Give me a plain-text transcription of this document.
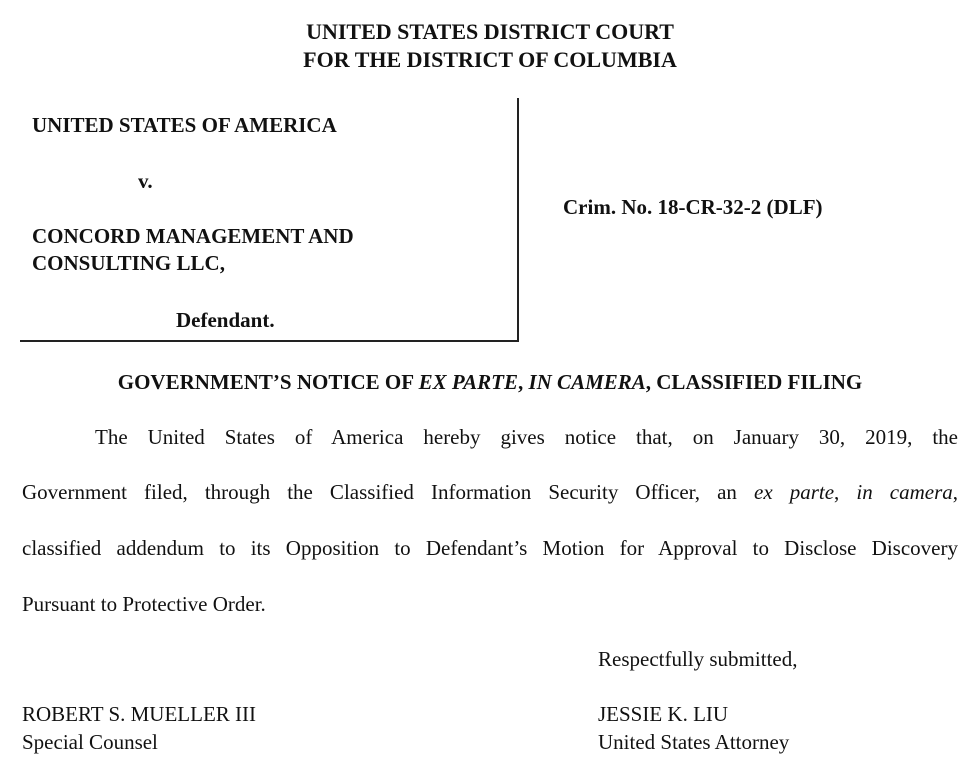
UNITED STATES DISTRICT COURT
FOR THE DISTRICT OF COLUMBIA
UNITED STATES OF AMERICA
v.
CONCORD MANAGEMENT AND
CONSULTING LLC,
Defendant.
Crim. No. 18-CR-32-2 (DLF)
GOVERNMENT’S NOTICE OF EX PARTE, IN CAMERA, CLASSIFIED FILING
The United States of America hereby gives notice that, on January 30, 2019, the
Government filed, through the Classified Information Security Officer, an ex parte, in camera,
classified addendum to its Opposition to Defendant’s Motion for Approval to Disclose Discovery
Pursuant to Protective Order.
Respectfully submitted,
ROBERT S. MUELLER III
Special Counsel
JESSIE K. LIU
United States Attorney
